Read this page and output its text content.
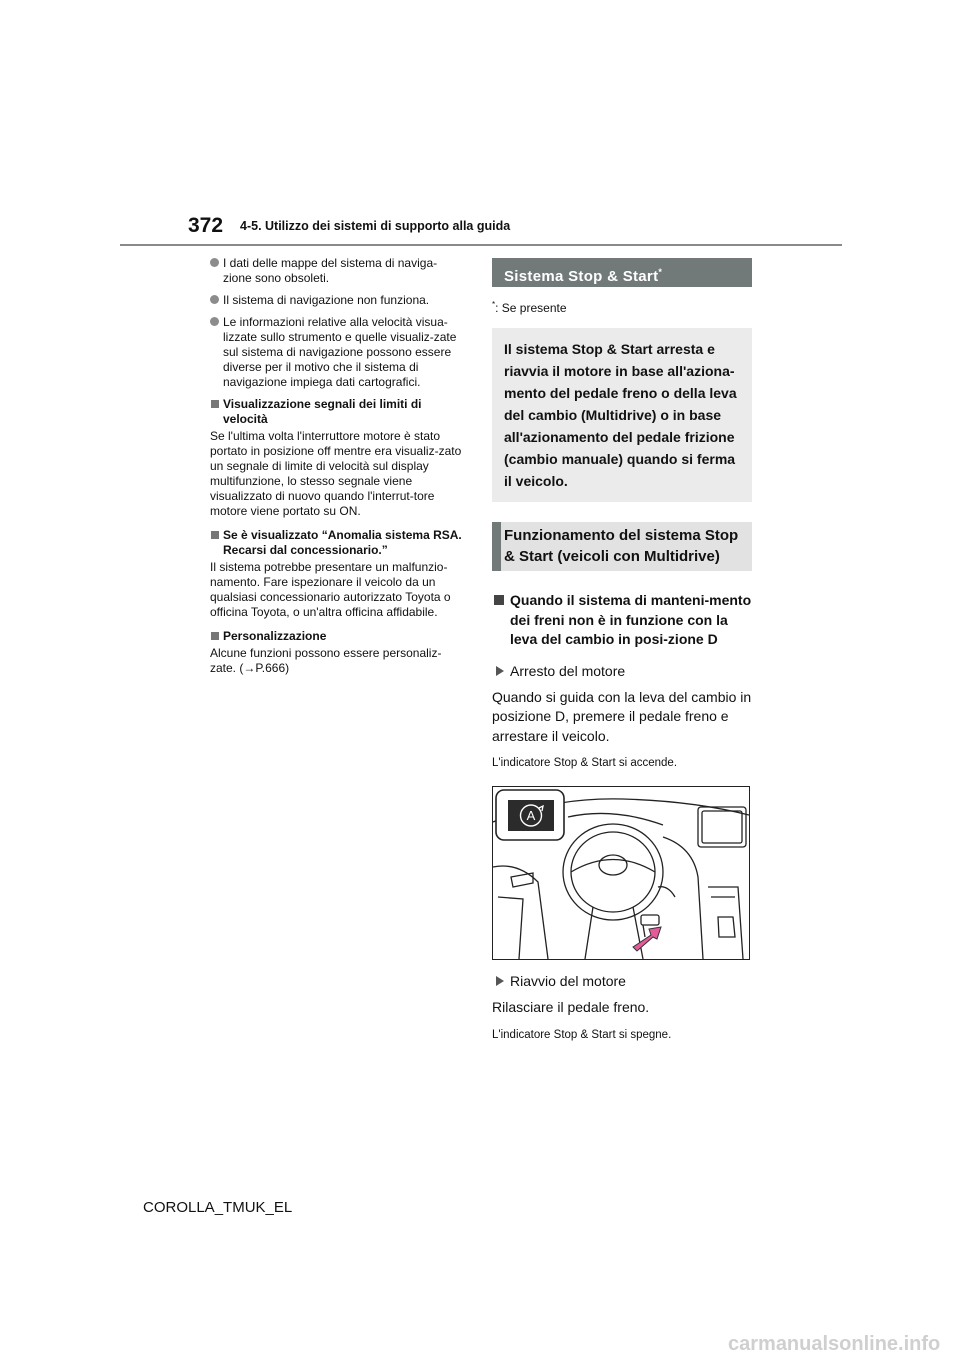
372 4-5. Utilizzo dei sistemi di supporto alla guida
I dati delle mappe del sistema di naviga-zione sono obsoleti.
Il sistema di navigazione non funziona.
Le informazioni relative alla velocità visua-lizzate sullo strumento e quelle visualiz-zate sul sistema di navigazione possono essere diverse per il motivo che il sistema di navigazione impiega dati cartografici.
Visualizzazione segnali dei limiti di velocità

Se l'ultima volta l'interruttore motore è stato portato in posizione off mentre era visualiz-zato un segnale di limite di velocità sul display multifunzione, lo stesso segnale viene visualizzato di nuovo quando l'interrut-tore motore viene portato su ON.

Se è visualizzato “Anomalia sistema RSA. Recarsi dal concessionario.”

Il sistema potrebbe presentare un malfunzio-namento. Fare ispezionare il veicolo da un qualsiasi concessionario autorizzato Toyota o officina Toyota, o un'altra officina affidabile.

Personalizzazione

Alcune funzioni possono essere personaliz-zate. (→P.666)

Sistema Stop & Start*
*: Se presente
Il sistema Stop & Start arresta e riavvia il motore in base all'aziona-mento del pedale freno o della leva del cambio (Multidrive) o in base all'azionamento del pedale frizione (cambio manuale) quando si ferma il veicolo.
Funzionamento del sistema Stop & Start (veicoli con Multidrive)
Quando il sistema di manteni-mento dei freni non è in funzione con la leva del cambio in posi-zione D
Arresto del motore
Quando si guida con la leva del cambio in posizione D, premere il pedale freno e arrestare il veicolo.
L'indicatore Stop & Start si accende.
A
Riavvio del motore
Rilasciare il pedale freno.
L'indicatore Stop & Start si spegne.
COROLLA_TMUK_EL
carmanualsonline.info
